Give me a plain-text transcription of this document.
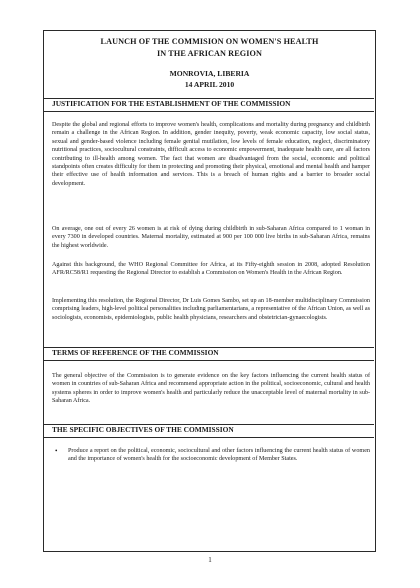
LAUNCH OF THE COMMISION ON WOMEN'S HEALTH
IN THE AFRICAN REGION
MONROVIA, LIBERIA
14 APRIL 2010
JUSTIFICATION FOR THE ESTABLISHMENT OF THE COMMISSION
Despite the global and regional efforts to improve women's health, complications and mortality during pregnancy and childbirth remain a challenge in the African Region. In addition, gender inequity, poverty, weak economic capacity, low social status, sexual and gender-based violence including female genital mutilation, low levels of female education, neglect, discriminatory nutritional practices, sociocultural constraints, difficult access to economic empowerment, inadequate health care, are all factors contributing to ill-health among women. The fact that women are disadvantaged from the social, economic and political standpoints often creates difficulty for them in protecting and promoting their physical, emotional and mental health and hamper their effective use of health information and services. This is a breach of human rights and a barrier to broader social development.
On average, one out of every 26 women is at risk of dying during childbirth in sub-Saharan Africa compared to 1 woman in every 7300 in developed countries. Maternal mortality, estimated at 900 per 100 000 live births in sub-Saharan Africa, remains the highest worldwide.
Against this background, the WHO Regional Committee for Africa, at its Fifty-eighth session in 2008, adopted Resolution AFR/RC58/R1 requesting the Regional Director to establish a Commission on Women's Health in the African Region.
Implementing this resolution, the Regional Director, Dr Luis Gomes Sambo, set up an 18-member multidisciplinary Commission comprising leaders, high-level political personalities including parliamentarians, a representative of the African Union, as well as sociologists, economists, epidemiologists, public health physicians, researchers and obstetrician-gynaecologists.
TERMS OF REFERENCE OF THE COMMISSION
The general objective of the Commission is to generate evidence on the key factors influencing the current health status of women in countries of sub-Saharan Africa and recommend appropriate action in the political, socioeconomic, cultural and health systems spheres in order to improve women's health and particularly reduce the unacceptable level of maternal mortality in sub-Saharan Africa.
THE SPECIFIC OBJECTIVES OF THE COMMISSION
• Produce a report on the political, economic, sociocultural and other factors influencing the current health status of women and the importance of women's health for the socioeconomic development of Member States.
1
